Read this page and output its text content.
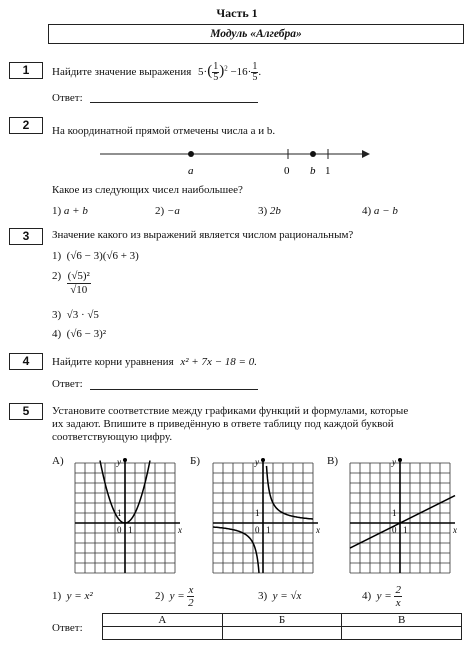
Часть 1
Модуль «Алгебра»
1	Найдите значение выражения $5\cdot( \frac{1}{5} )^2 -16\cdot \frac{1}{5}$ .
Ответ:
2	На координатной прямой отмечены числа a и b.
a	0 b 1
Какое из следующих чисел наибольшее?
1) a + b	2) −a	3) 2b	4) a − b
3	Значение какого из выражений является числом рациональным?
1) (√6 − 3)(√6 + 3)
$2) \frac{\text{(√5)²}}{√10}$
3) √3 · √5
4) (√6 − 3)²
4	Найдите корни уравнения x² + 7x − 18 = 0.
Ответ:
5	Установите соответствие между графиками функций и формулами, которые
их задают. Впишите в приведённую в ответе таблицу под каждой буквой
соответствующую цифру.
А)	Б)	В)
y
x
0 1
1
y
x
0 1
1
y
x
0 1
1
1) y = x²	2) $y = \frac{x}{2}$	3) y = √x	4) $y = \frac{2}{x}$
Ответ:
А	Б	В
